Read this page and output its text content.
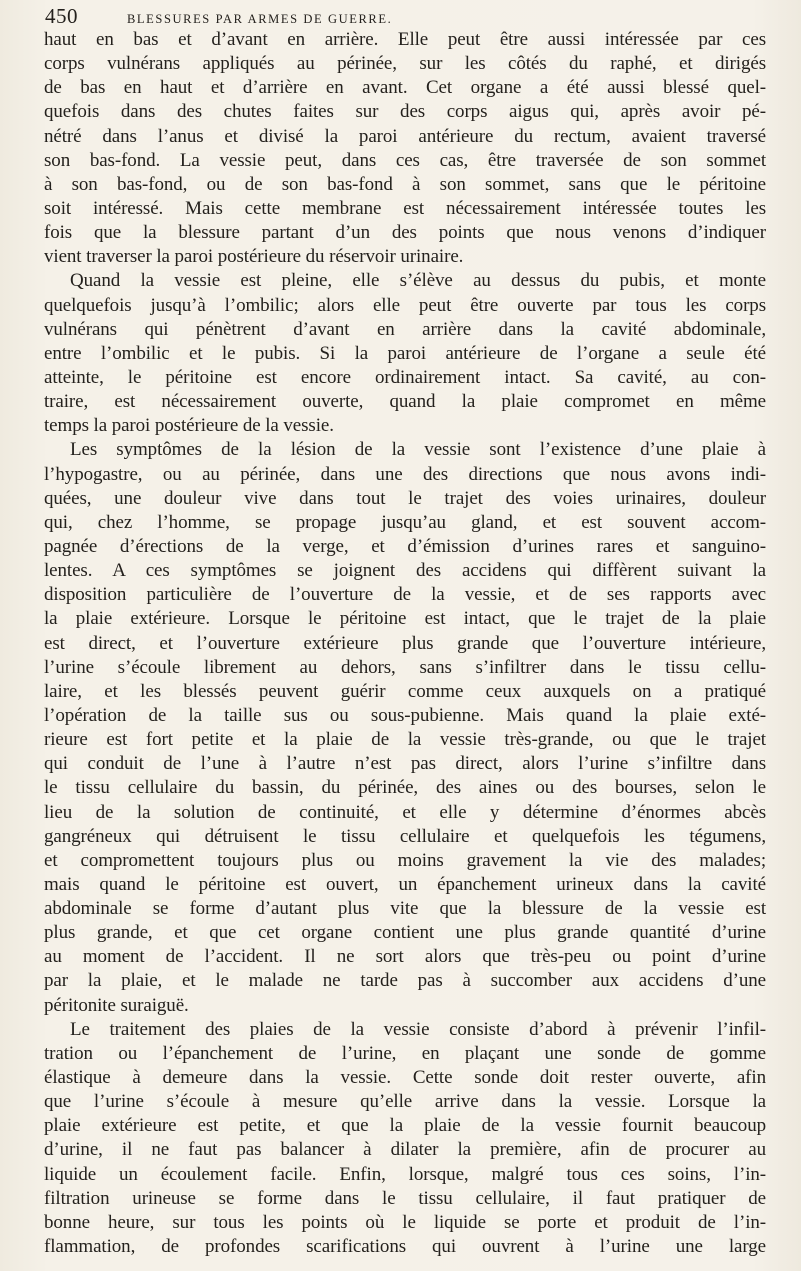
450	BLESSURES PAR ARMES DE GUERRE.
haut en bas et d’avant en arrière. Elle peut être aussi intéressée par ces
corps vulnérans appliqués au périnée, sur les côtés du raphé, et dirigés
de bas en haut et d’arrière en avant. Cet organe a été aussi blessé quel-
quefois dans des chutes faites sur des corps aigus qui, après avoir pé-
nétré dans l’anus et divisé la paroi antérieure du rectum, avaient traversé
son bas-fond. La vessie peut, dans ces cas, être traversée de son sommet
à son bas-fond, ou de son bas-fond à son sommet, sans que le péritoine
soit intéressé. Mais cette membrane est nécessairement intéressée toutes les
fois que la blessure partant d’un des points que nous venons d’indiquer
vient traverser la paroi postérieure du réservoir urinaire.
Quand la vessie est pleine, elle s’élève au dessus du pubis, et monte
quelquefois jusqu’à l’ombilic; alors elle peut être ouverte par tous les corps
vulnérans qui pénètrent d’avant en arrière dans la cavité abdominale,
entre l’ombilic et le pubis. Si la paroi antérieure de l’organe a seule été
atteinte, le péritoine est encore ordinairement intact. Sa cavité, au con-
traire, est nécessairement ouverte, quand la plaie compromet en même
temps la paroi postérieure de la vessie.
Les symptômes de la lésion de la vessie sont l’existence d’une plaie à
l’hypogastre, ou au périnée, dans une des directions que nous avons indi-
quées, une douleur vive dans tout le trajet des voies urinaires, douleur
qui, chez l’homme, se propage jusqu’au gland, et est souvent accom-
pagnée d’érections de la verge, et d’émission d’urines rares et sanguino-
lentes. A ces symptômes se joignent des accidens qui diffèrent suivant la
disposition particulière de l’ouverture de la vessie, et de ses rapports avec
la plaie extérieure. Lorsque le péritoine est intact, que le trajet de la plaie
est direct, et l’ouverture extérieure plus grande que l’ouverture intérieure,
l’urine s’écoule librement au dehors, sans s’infiltrer dans le tissu cellu-
laire, et les blessés peuvent guérir comme ceux auxquels on a pratiqué
l’opération de la taille sus ou sous-pubienne. Mais quand la plaie exté-
rieure est fort petite et la plaie de la vessie très-grande, ou que le trajet
qui conduit de l’une à l’autre n’est pas direct, alors l’urine s’infiltre dans
le tissu cellulaire du bassin, du périnée, des aines ou des bourses, selon le
lieu de la solution de continuité, et elle y détermine d’énormes abcès
gangréneux qui détruisent le tissu cellulaire et quelquefois les tégumens,
et compromettent toujours plus ou moins gravement la vie des malades;
mais quand le péritoine est ouvert, un épanchement urineux dans la cavité
abdominale se forme d’autant plus vite que la blessure de la vessie est
plus grande, et que cet organe contient une plus grande quantité d’urine
au moment de l’accident. Il ne sort alors que très-peu ou point d’urine
par la plaie, et le malade ne tarde pas à succomber aux accidens d’une
péritonite suraiguë.
Le traitement des plaies de la vessie consiste d’abord à prévenir l’infil-
tration ou l’épanchement de l’urine, en plaçant une sonde de gomme
élastique à demeure dans la vessie. Cette sonde doit rester ouverte, afin
que l’urine s’écoule à mesure qu’elle arrive dans la vessie. Lorsque la
plaie extérieure est petite, et que la plaie de la vessie fournit beaucoup
d’urine, il ne faut pas balancer à dilater la première, afin de procurer au
liquide un écoulement facile. Enfin, lorsque, malgré tous ces soins, l’in-
filtration urineuse se forme dans le tissu cellulaire, il faut pratiquer de
bonne heure, sur tous les points où le liquide se porte et produit de l’in-
flammation, de profondes scarifications qui ouvrent à l’urine une large
